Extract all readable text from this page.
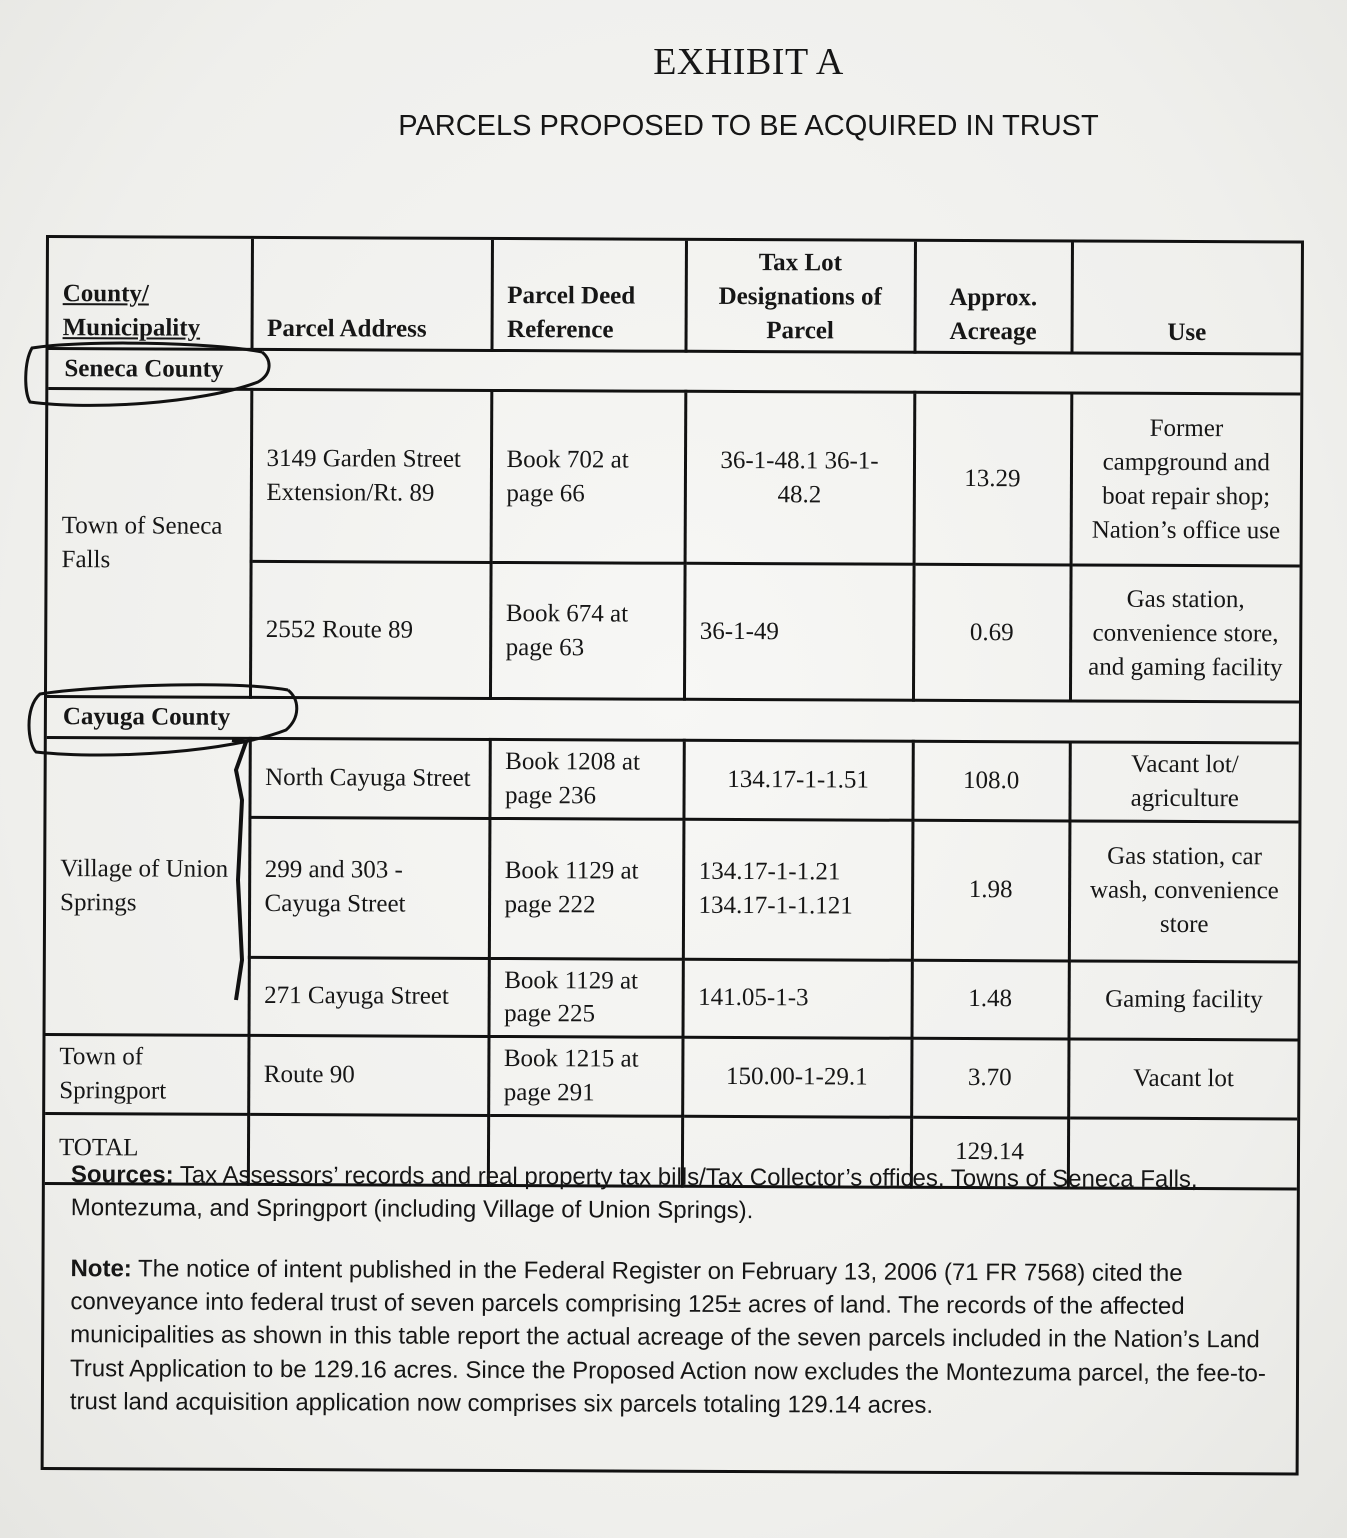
EXHIBIT A
PARCELS PROPOSED TO BE ACQUIRED IN TRUST
County/ Municipality	Parcel Address	Parcel Deed Reference	Tax Lot Designations of Parcel	Approx. Acreage	Use
Seneca County					
Town of Seneca Falls	3149 Garden Street Extension/Rt. 89	Book 702 at page 66	36-1-48.1 36-1-48.2	13.29	Former campground and boat repair shop; Nation’s office use
	2552 Route 89	Book 674 at page 63	36-1-49	0.69	Gas station, convenience store, and gaming facility
Cayuga County					
Village of Union Springs	North Cayuga Street	Book 1208 at page 236	134.17-1-1.51	108.0	Vacant lot/ agriculture
	299 and 303 - Cayuga Street	Book 1129 at page 222	134.17-1-1.21 134.17-1-1.121	1.98	Gas station, car wash, convenience store
	271 Cayuga Street	Book 1129 at page 225	141.05-1-3	1.48	Gaming facility
Town of Springport	Route 90	Book 1215 at page 291	150.00-1-29.1	3.70	Vacant lot
TOTAL				129.14	

Sources: Tax Assessors’ records and real property tax bills/Tax Collector’s offices, Towns of Seneca Falls, Montezuma, and Springport (including Village of Union Springs).

Note: The notice of intent published in the Federal Register on February 13, 2006 (71 FR 7568) cited the conveyance into federal trust of seven parcels comprising 125± acres of land. The records of the affected municipalities as shown in this table report the actual acreage of the seven parcels included in the Nation’s Land Trust Application to be 129.16 acres. Since the Proposed Action now excludes the Montezuma parcel, the fee-to-trust land acquisition application now comprises six parcels totaling 129.14 acres.
